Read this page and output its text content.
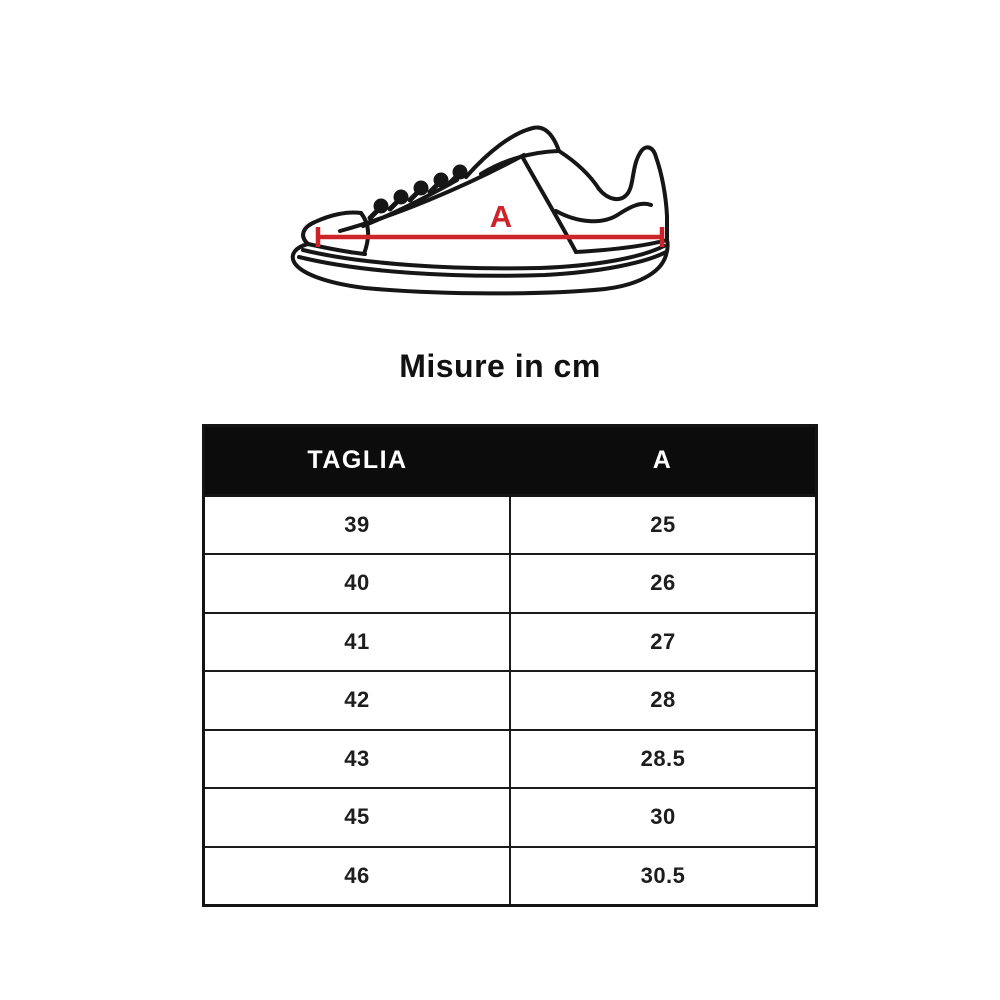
A
Misure in cm
TAGLIA	A
39	25
40	26
41	27
42	28
43	28.5
45	30
46	30.5
